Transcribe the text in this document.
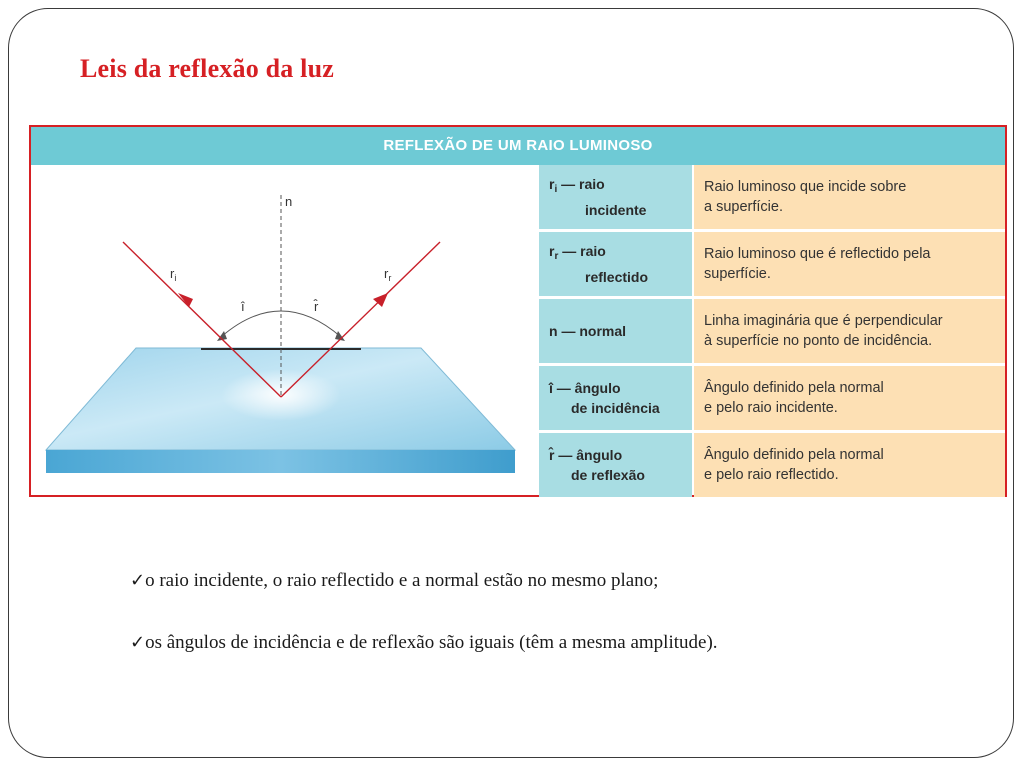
Leis da reflexão da luz
REFLEXÃO DE UM RAIO LUMINOSO
n
$r_i$	$r_r$
î	r̂
$r_i$ — raio
incidente
Raio luminoso que incide sobre
a superfície.
$r_r$ — raio
reflectido
Raio luminoso que é reflectido pela
superfície.
n — normal
Linha imaginária que é perpendicular
à superfície no ponto de incidência.
î — ângulo
de incidência
Ângulo definido pela normal
e pelo raio incidente.
r̂ — ângulo
de reflexão
Ângulo definido pela normal
e pelo raio reflectido.
✓o raio incidente, o raio reflectido e a normal estão no mesmo plano;
✓os ângulos de incidência e de reflexão são iguais (têm a mesma amplitude).
